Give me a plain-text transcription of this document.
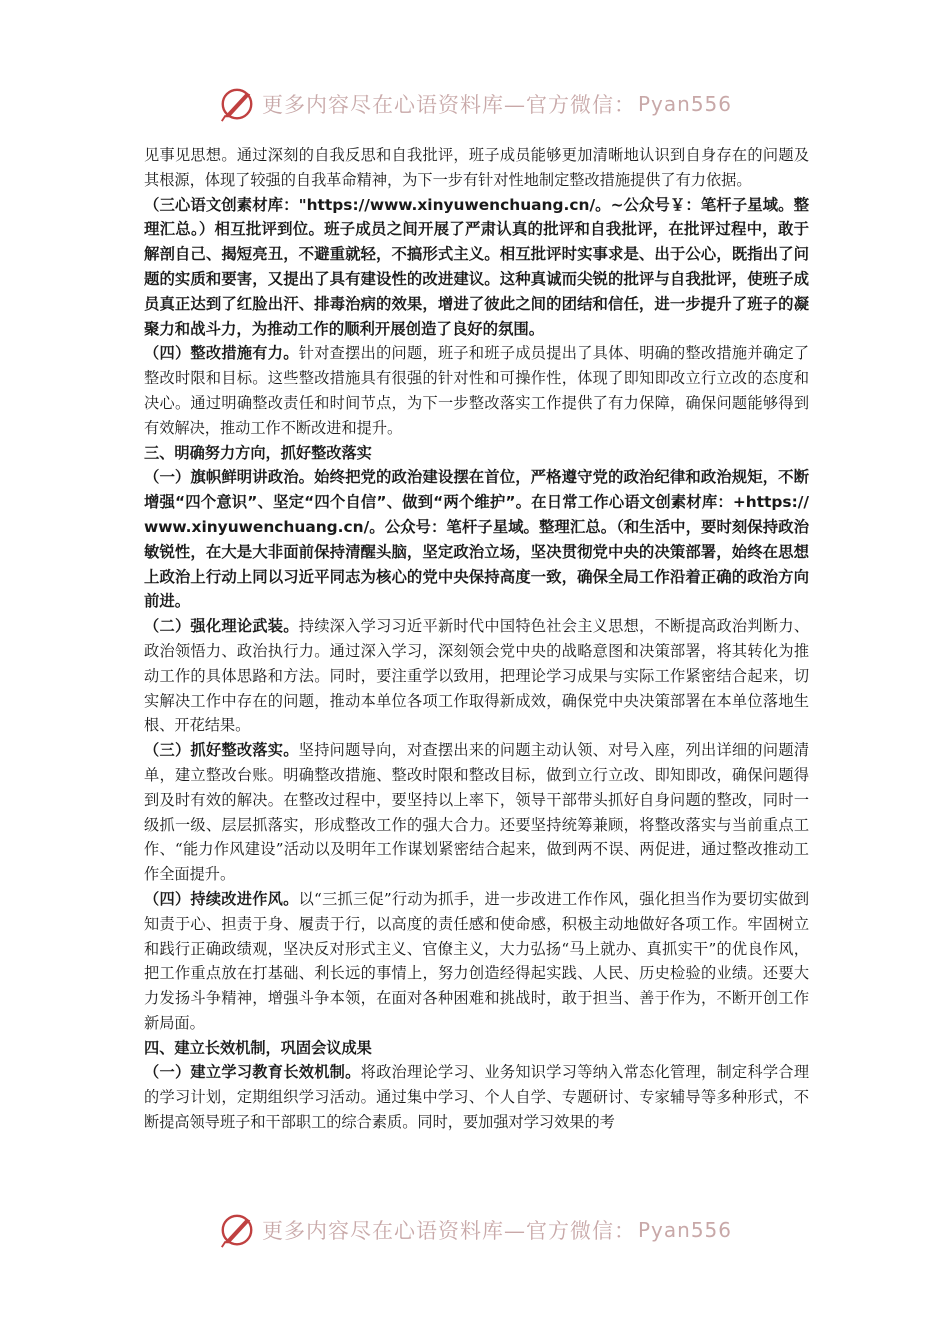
更多内容尽在心语资料库—官方微信： Pyan556

见事见思想。通过深刻的自我反思和自我批评，班子成员能够更加清晰地认识到自身存在的问题及其根源，体现了较强的自我革命精神，为下一步有针对性地制定整改措施提供了有力依据。

（三心语文创素材库："https://www.xinyuwenchuang.cn/。~公众号￥：笔杆子星域。整理汇总。）相互批评到位。班子成员之间开展了严肃认真的批评和自我批评，在批评过程中，敢于解剖自己、揭短亮丑，不避重就轻，不搞形式主义。相互批评时实事求是、出于公心，既指出了问题的实质和要害，又提出了具有建设性的改进建议。这种真诚而尖锐的批评与自我批评，使班子成员真正达到了红脸出汗、排毒治病的效果，增进了彼此之间的团结和信任，进一步提升了班子的凝聚力和战斗力，为推动工作的顺利开展创造了良好的氛围。

（四）整改措施有力。针对查摆出的问题，班子和班子成员提出了具体、明确的整改措施并确定了整改时限和目标。这些整改措施具有很强的针对性和可操作性，体现了即知即改立行立改的态度和决心。通过明确整改责任和时间节点，为下一步整改落实工作提供了有力保障，确保问题能够得到有效解决，推动工作不断改进和提升。

三、明确努力方向，抓好整改落实

（一）旗帜鲜明讲政治。始终把党的政治建设摆在首位，严格遵守党的政治纪律和政治规矩，不断增强“四个意识”、坚定“四个自信”、做到“两个维护”。在日常工作心语文创素材库：+https://www.xinyuwenchuang.cn/。公众号：笔杆子星域。整理汇总。（和生活中，要时刻保持政治敏锐性，在大是大非面前保持清醒头脑，坚定政治立场，坚决贯彻党中央的决策部署，始终在思想上政治上行动上同以习近平同志为核心的党中央保持高度一致，确保全局工作沿着正确的政治方向前进。

（二）强化理论武装。持续深入学习习近平新时代中国特色社会主义思想，不断提高政治判断力、政治领悟力、政治执行力。通过深入学习，深刻领会党中央的战略意图和决策部署，将其转化为推动工作的具体思路和方法。同时，要注重学以致用，把理论学习成果与实际工作紧密结合起来，切实解决工作中存在的问题，推动本单位各项工作取得新成效，确保党中央决策部署在本单位落地生根、开花结果。

（三）抓好整改落实。坚持问题导向，对查摆出来的问题主动认领、对号入座，列出详细的问题清单，建立整改台账。明确整改措施、整改时限和整改目标，做到立行立改、即知即改，确保问题得到及时有效的解决。在整改过程中，要坚持以上率下，领导干部带头抓好自身问题的整改，同时一级抓一级、层层抓落实，形成整改工作的强大合力。还要坚持统筹兼顾，将整改落实与当前重点工作、“能力作风建设”活动以及明年工作谋划紧密结合起来，做到两不误、两促进，通过整改推动工作全面提升。

（四）持续改进作风。以“三抓三促”行动为抓手，进一步改进工作作风，强化担当作为要切实做到知责于心、担责于身、履责于行，以高度的责任感和使命感，积极主动地做好各项工作。牢固树立和践行正确政绩观，坚决反对形式主义、官僚主义，大力弘扬“马上就办、真抓实干”的优良作风，把工作重点放在打基础、利长远的事情上，努力创造经得起实践、人民、历史检验的业绩。还要大力发扬斗争精神，增强斗争本领，在面对各种困难和挑战时，敢于担当、善于作为，不断开创工作新局面。

四、建立长效机制，巩固会议成果

（一）建立学习教育长效机制。将政治理论学习、业务知识学习等纳入常态化管理，制定科学合理的学习计划，定期组织学习活动。通过集中学习、个人自学、专题研讨、专家辅导等多种形式，不断提高领导班子和干部职工的综合素质。同时，要加强对学习效果的考

更多内容尽在心语资料库—官方微信： Pyan556
